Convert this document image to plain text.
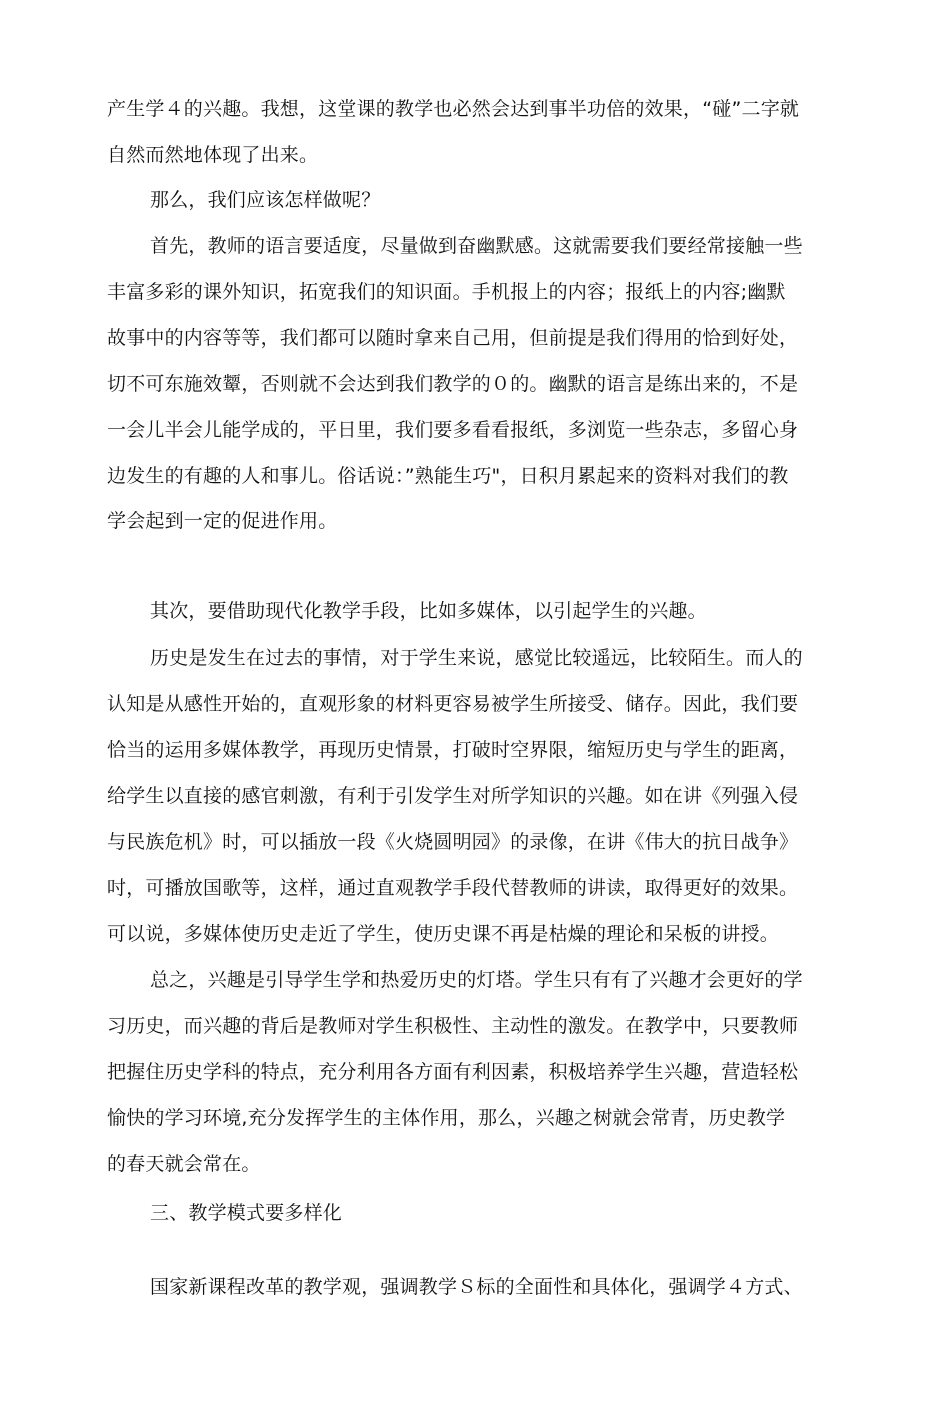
产生学４的兴趣。我想，这堂课的教学也必然会达到事半功倍的效果，“碰”二字就
自然而然地体现了出来。
那么，我们应该怎样做呢？
首先，教师的语言要适度，尽量做到奋幽默感。这就需要我们要经常接触一些
丰富多彩的课外知识，拓宽我们的知识面。手机报上的内容；报纸上的内容;幽默
故事中的内容等等，我们都可以随时拿来自己用，但前提是我们得用的恰到好处，
切不可东施效颦，否则就不会达到我们教学的０的。幽默的语言是练出来的，不是
一会儿半会儿能学成的，平日里，我们要多看看报纸，多浏览一些杂志，多留心身
边发生的有趣的人和事儿。俗话说：”熟能生巧"，日积月累起来的资料对我们的教
学会起到一定的促进作用。
其次，要借助现代化教学手段，比如多媒体，以引起学生的兴趣。
历史是发生在过去的事情，对于学生来说，感觉比较遥远，比较陌生。而人的
认知是从感性开始的，直观形象的材料更容易被学生所接受、储存。因此，我们要
恰当的运用多媒体教学，再现历史情景，打破时空界限，缩短历史与学生的距离，
给学生以直接的感官刺激，有利于引发学生对所学知识的兴趣。如在讲《列强入侵
与民族危机》时，可以插放一段《火烧圆明园》的录像，在讲《伟大的抗日战争》
吋，可播放国歌等，这样，通过直观教学手段代替教师的讲读，取得更好的效果。
可以说，多媒体使历史走近了学生，使历史课不再是枯燥的理论和呆板的讲授。
总之，兴趣是引导学生学和热爱历史的灯塔。学生只有有了兴趣才会更好的学
习历史，而兴趣的背后是教师对学生积极性、主动性的激发。在教学中，只要教师
把握住历史学科的特点，充分利用各方面有利因素，积极培养学生兴趣，营造轻松
愉快的学习环境,充分发挥学生的主体作用，那么，兴趣之树就会常青，历史教学
的春天就会常在。
三、教学模式要多样化
国家新课程改革的教学观，强调教学Ｓ标的全面性和具体化，强调学４方式、
